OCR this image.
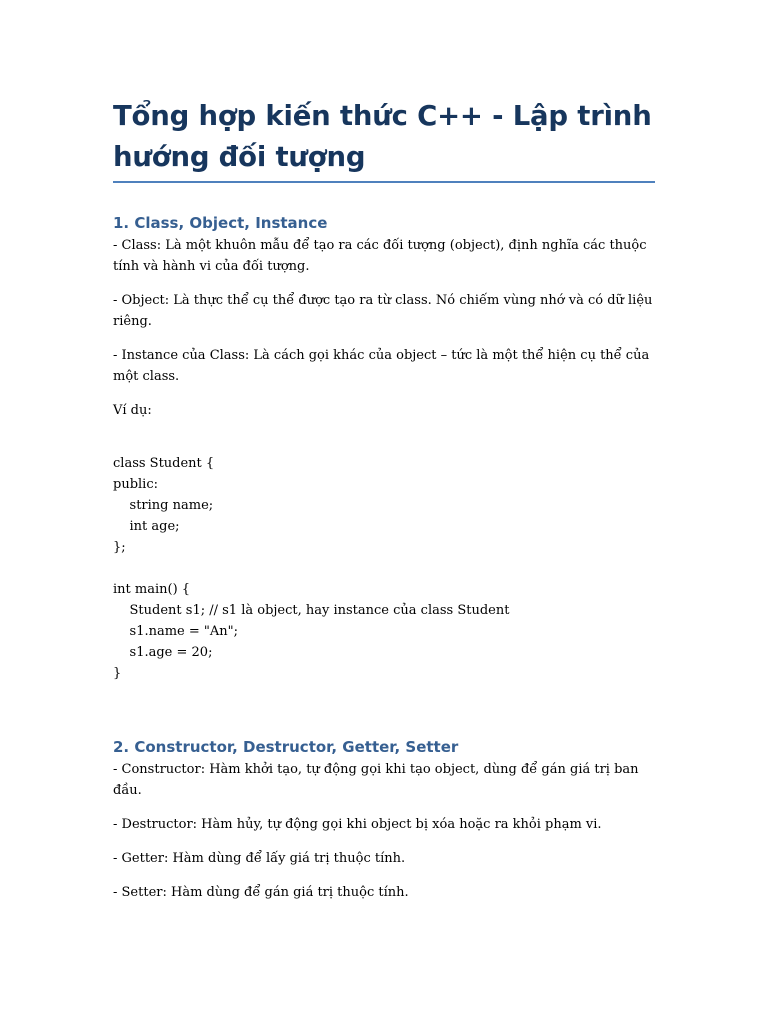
Tổng hợp kiến thức C++ - Lập trình
hướng đối tượng
1. Class, Object, Instance

- Class: Là một khuôn mẫu để tạo ra các đối tượng (object), định nghĩa các thuộc tính và hành vi của đối tượng.

- Object: Là thực thể cụ thể được tạo ra từ class. Nó chiếm vùng nhớ và có dữ liệu riêng.

- Instance của Class: Là cách gọi khác của object – tức là một thể hiện cụ thể của một class.

Ví dụ:

class Student {
public:
string name;
int age;
};
int main() {
Student s1; // s1 là object, hay instance của class Student
s1.name = "An";
s1.age = 20;
}
2. Constructor, Destructor, Getter, Setter

- Constructor: Hàm khởi tạo, tự động gọi khi tạo object, dùng để gán giá trị ban đầu.

- Destructor: Hàm hủy, tự động gọi khi object bị xóa hoặc ra khỏi phạm vi.

- Getter: Hàm dùng để lấy giá trị thuộc tính.

- Setter: Hàm dùng để gán giá trị thuộc tính.
